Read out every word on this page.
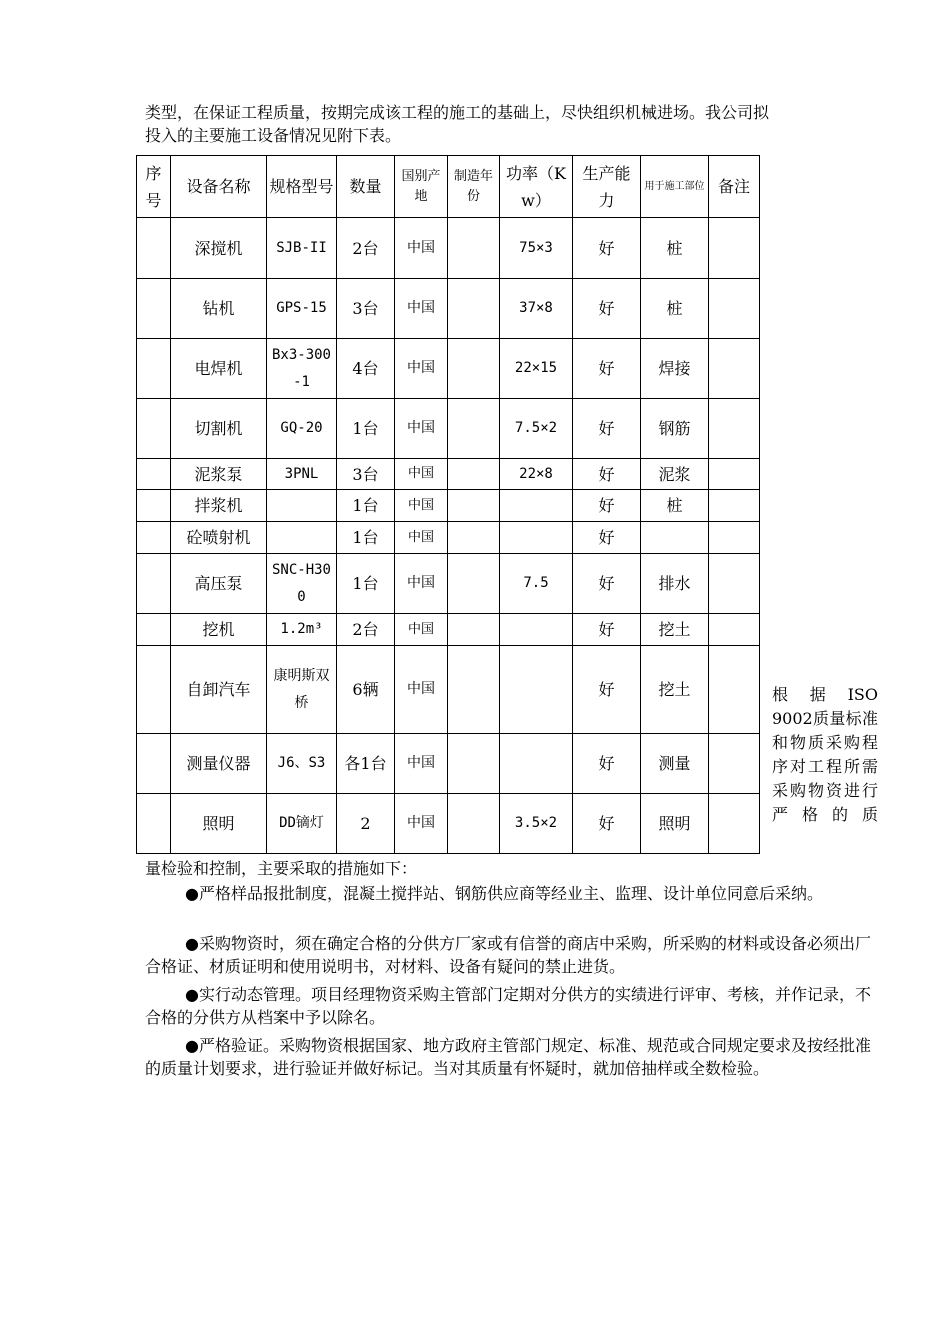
类型，在保证工程质量，按期完成该工程的施工的基础上，尽快组织机械进场。我公司拟
投入的主要施工设备情况见附下表。

序号	设备名称	规格型号	数量	国别产地	制造年份	功率（Kw）	生产能力	用于施工部位	备注
	深搅机	SJB-II	2台	中国		75×3	好	桩	
	钻机	GPS-15	3台	中国		37×8	好	桩	
	电焊机	Bx3-300-1	4台	中国		22×15	好	焊接	
	切割机	GQ-20	1台	中国		7.5×2	好	钢筋	
	泥浆泵	3PNL	3台	中国		22×8	好	泥浆	
	拌浆机		1台	中国			好	桩	
	砼喷射机		1台	中国			好		
	高压泵	SNC-H300	1台	中国		7.5	好	排水	
	挖机	1.2m³	2台	中国			好	挖土	
	自卸汽车	康明斯双桥	6辆	中国			好	挖土	
	测量仪器	J6、S3	各1台	中国			好	测量	
	照明	DD镝灯	2	中国		3.5×2	好	照明	
根据ISO 9002质量标准和物质采购程序对工程所需采购物资进行严格的质

量检验和控制，主要采取的措施如下：

●严格样品报批制度，混凝土搅拌站、钢筋供应商等经业主、监理、设计单位同意后采纳。

●采购物资时，须在确定合格的分供方厂家或有信誉的商店中采购，所采购的材料或设备必须出厂合格证、材质证明和使用说明书，对材料、设备有疑问的禁止进货。

●实行动态管理。项目经理物资采购主管部门定期对分供方的实绩进行评审、考核，并作记录，不合格的分供方从档案中予以除名。

●严格验证。采购物资根据国家、地方政府主管部门规定、标准、规范或合同规定要求及按经批准的质量计划要求，进行验证并做好标记。当对其质量有怀疑时，就加倍抽样或全数检验。
